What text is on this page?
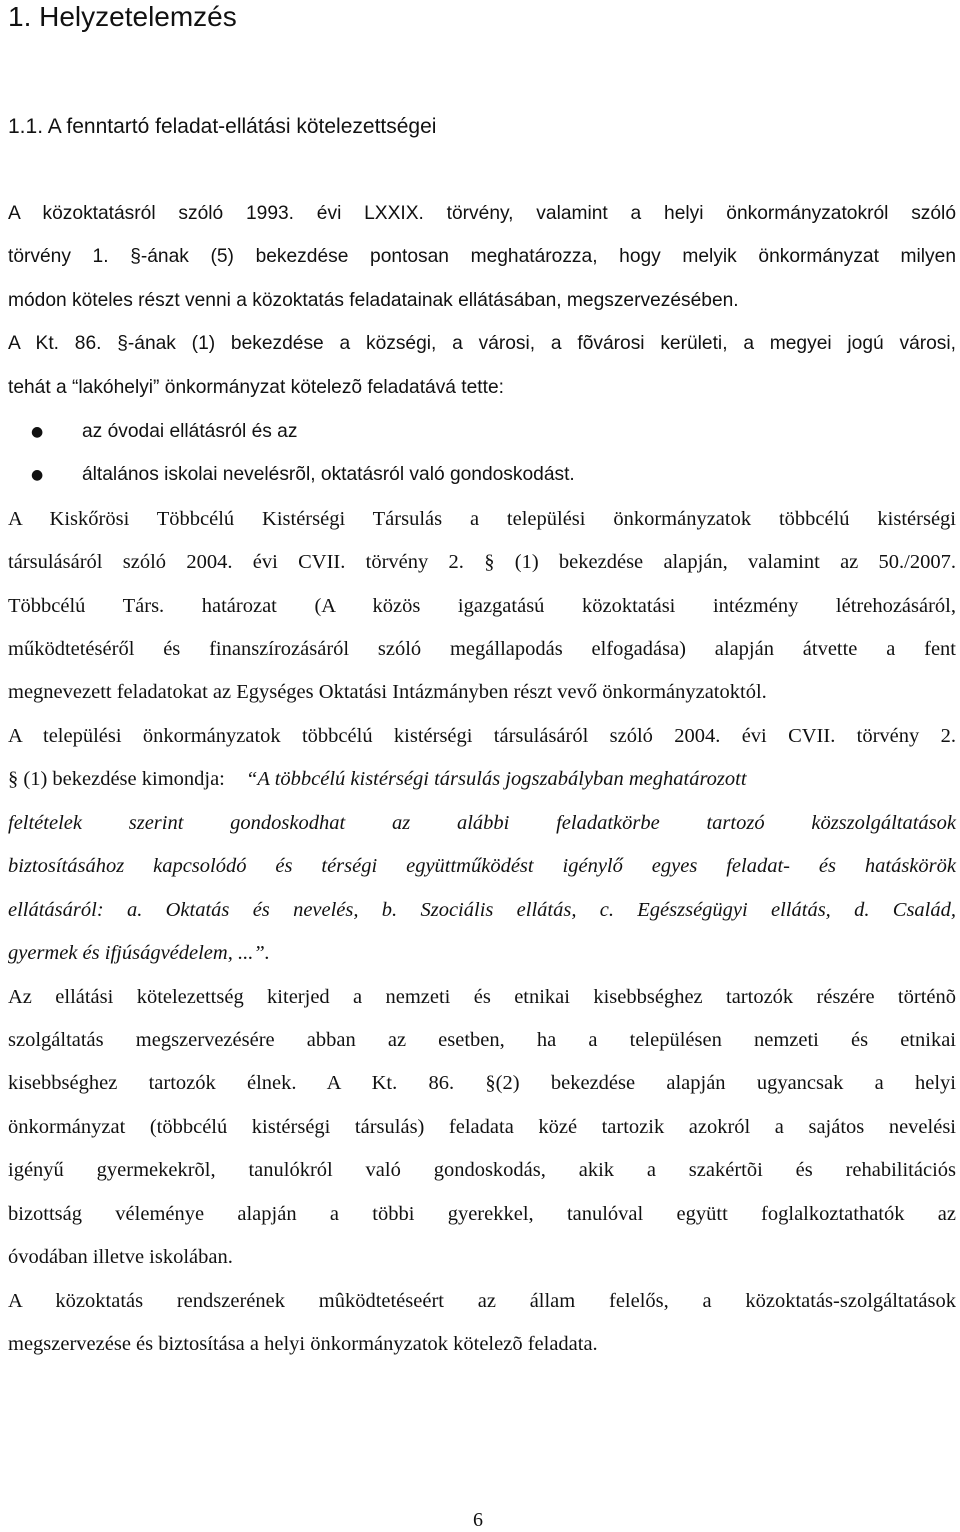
1. Helyzetelemzés
1.1. A fenntartó feladat-ellátási kötelezettségei
A közoktatásról szóló 1993. évi LXXIX. törvény, valamint a helyi önkormányzatokról szóló
törvény 1. §-ának (5) bekezdése pontosan meghatározza, hogy melyik önkormányzat milyen
módon köteles részt venni a közoktatás feladatainak ellátásában, megszervezésében.
A Kt. 86. §-ának (1) bekezdése a községi, a városi, a fõvárosi kerületi, a megyei jogú városi,
tehát a “lakóhelyi” önkormányzat kötelezõ feladatává tette:
● az óvodai ellátásról és az
● általános iskolai nevelésrõl, oktatásról való gondoskodást.
A Kiskőrösi Többcélú Kistérségi Társulás a települési önkormányzatok többcélú kistérségi
társulásáról szóló 2004. évi CVII. törvény 2. § (1) bekezdése alapján, valamint az 50./2007.
Többcélú Társ. határozat (A közös igazgatású közoktatási intézmény létrehozásáról,
működtetéséről és finanszírozásáról szóló megállapodás elfogadása) alapján átvette a fent
megnevezett feladatokat az Egységes Oktatási Intázmányben részt vevő önkormányzatoktól.
A települési önkormányzatok többcélú kistérségi társulásáról szóló 2004. évi CVII. törvény 2.
§ (1) bekezdése kimondja: “A többcélú kistérségi társulás jogszabályban meghatározott
feltételek szerint gondoskodhat az alábbi feladatkörbe tartozó közszolgáltatások
biztosításához kapcsolódó és térségi együttműködést igénylő egyes feladat- és hatáskörök
ellátásáról: a. Oktatás és nevelés, b. Szociális ellátás, c. Egészségügyi ellátás, d. Család,
gyermek és ifjúságvédelem, ...”.
Az ellátási kötelezettség kiterjed a nemzeti és etnikai kisebbséghez tartozók részére történõ
szolgáltatás megszervezésére abban az esetben, ha a településen nemzeti és etnikai
kisebbséghez tartozók élnek. A Kt. 86. §(2) bekezdése alapján ugyancsak a helyi
önkormányzat (többcélú kistérségi társulás) feladata közé tartozik azokról a sajátos nevelési
igényű gyermekekrõl, tanulókról való gondoskodás, akik a szakértõi és rehabilitációs
bizottság véleménye alapján a többi gyerekkel, tanulóval együtt foglalkoztathatók az
óvodában illetve iskolában.
A közoktatás rendszerének mûködtetéseért az állam felelős, a közoktatás-szolgáltatások
megszervezése és biztosítása a helyi önkormányzatok kötelezõ feladata.
6
